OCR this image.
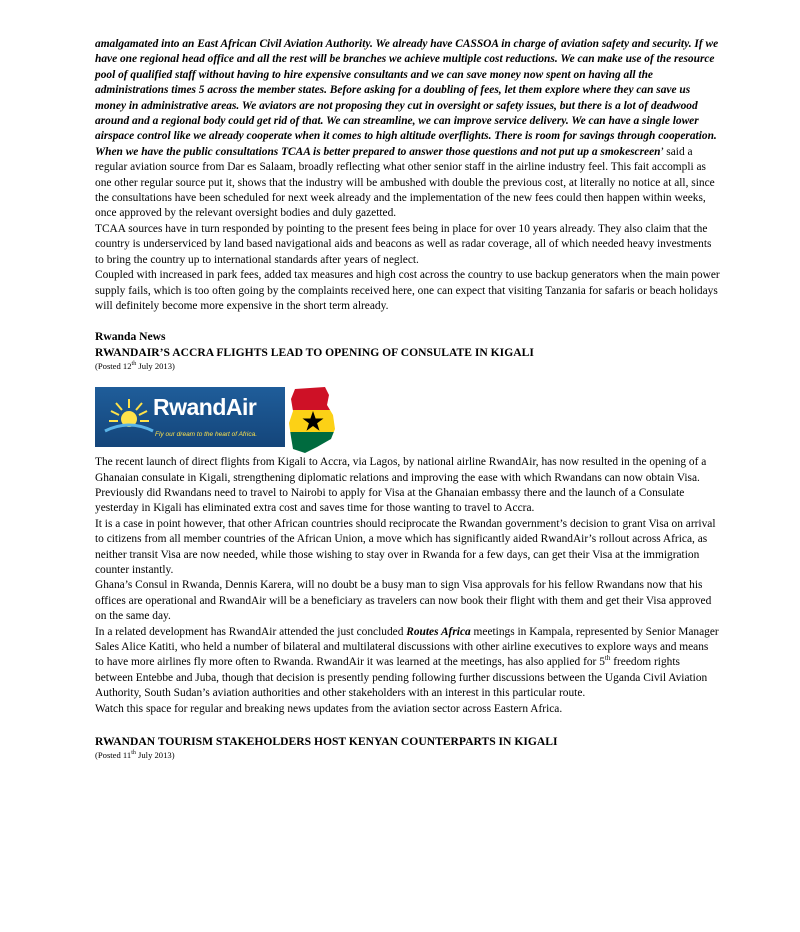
amalgamated into an East African Civil Aviation Authority. We already have CASSOA in charge of aviation safety and security. If we have one regional head office and all the rest will be branches we achieve multiple cost reductions. We can make use of the resource pool of qualified staff without having to hire expensive consultants and we can save money now spent on having all the administrations times 5 across the member states. Before asking for a doubling of fees, let them explore where they can save us money in administrative areas. We aviators are not proposing they cut in oversight or safety issues, but there is a lot of deadwood around and a regional body could get rid of that. We can streamline, we can improve service delivery. We can have a single lower airspace control like we already cooperate when it comes to high altitude overflights. There is room for savings through cooperation. When we have the public consultations TCAA is better prepared to answer those questions and not put up a smokescreen’ said a regular aviation source from Dar es Salaam, broadly reflecting what other senior staff in the airline industry feel. This fait accompli as one other regular source put it, shows that the industry will be ambushed with double the previous cost, at literally no notice at all, since the consultations have been scheduled for next week already and the implementation of the new fees could then happen within weeks, once approved by the relevant oversight bodies and duly gazetted.

TCAA sources have in turn responded by pointing to the present fees being in place for over 10 years already. They also claim that the country is underserviced by land based navigational aids and beacons as well as radar coverage, all of which needed heavy investments to bring the country up to international standards after years of neglect.

Coupled with increased in park fees, added tax measures and high cost across the country to use backup generators when the main power supply fails, which is too often going by the complaints received here, one can expect that visiting Tanzania for safaris or beach holidays will definitely become more expensive in the short term already.

Rwanda News

RWANDAIR’S ACCRA FLIGHTS LEAD TO OPENING OF CONSULATE IN KIGALI

(Posted 12th July 2013)

RwandAir
Fly our dream to the heart of Africa.

The recent launch of direct flights from Kigali to Accra, via Lagos, by national airline RwandAir, has now resulted in the opening of a Ghanaian consulate in Kigali, strengthening diplomatic relations and improving the ease with which Rwandans can now obtain Visa.

Previously did Rwandans need to travel to Nairobi to apply for Visa at the Ghanaian embassy there and the launch of a Consulate yesterday in Kigali has eliminated extra cost and saves time for those wanting to travel to Accra.

It is a case in point however, that other African countries should reciprocate the Rwandan government’s decision to grant Visa on arrival to citizens from all member countries of the African Union, a move which has significantly aided RwandAir’s rollout across Africa, as neither transit Visa are now needed, while those wishing to stay over in Rwanda for a few days, can get their Visa at the immigration counter instantly.

Ghana’s Consul in Rwanda, Dennis Karera, will no doubt be a busy man to sign Visa approvals for his fellow Rwandans now that his offices are operational and RwandAir will be a beneficiary as travelers can now book their flight with them and get their Visa approved on the same day.

In a related development has RwandAir attended the just concluded Routes Africa meetings in Kampala, represented by Senior Manager Sales Alice Katiti, who held a number of bilateral and multilateral discussions with other airline executives to explore ways and means to have more airlines fly more often to Rwanda. RwandAir it was learned at the meetings, has also applied for 5th freedom rights between Entebbe and Juba, though that decision is presently pending following further discussions between the Uganda Civil Aviation Authority, South Sudan’s aviation authorities and other stakeholders with an interest in this particular route.

Watch this space for regular and breaking news updates from the aviation sector across Eastern Africa.

RWANDAN TOURISM STAKEHOLDERS HOST KENYAN COUNTERPARTS IN KIGALI

(Posted 11th July 2013)
